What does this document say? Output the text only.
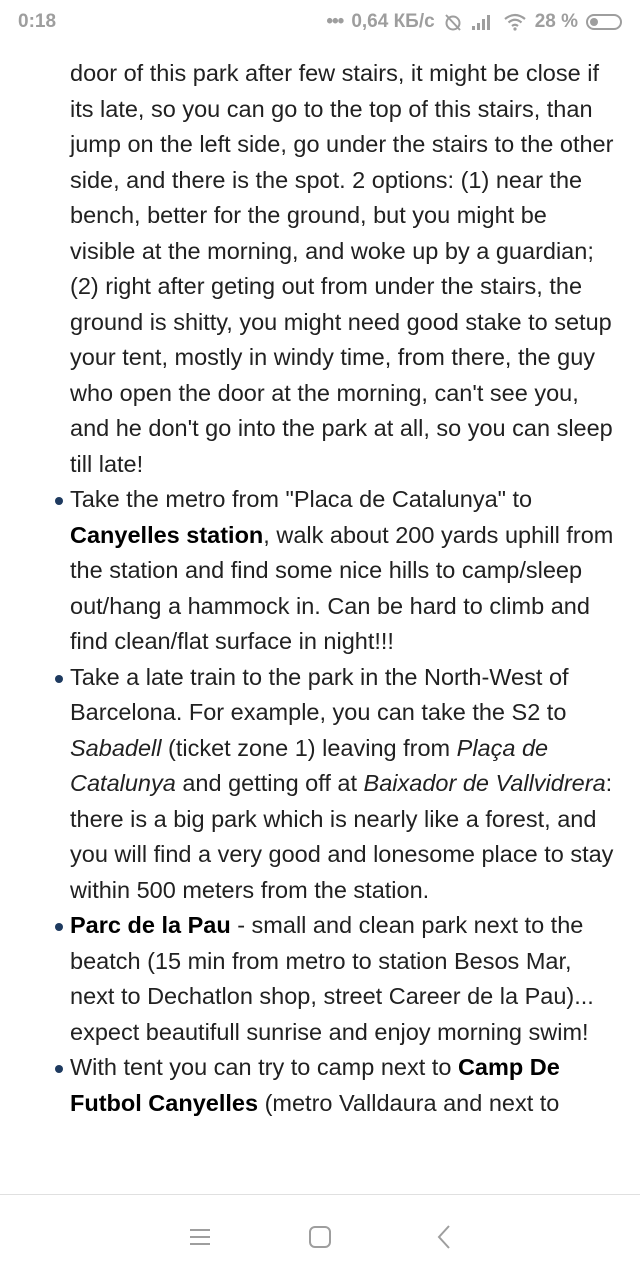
0:18	••• 0,64 КБ/с	28 %

door of this park after few stairs, it might be close if its late, so you can go to the top of this stairs, than jump on the left side, go under the stairs to the other side, and there is the spot. 2 options: (1) near the bench, better for the ground, but you might be visible at the morning, and woke up by a guardian; (2) right after geting out from under the stairs, the ground is shitty, you might need good stake to setup your tent, mostly in windy time, from there, the guy who open the door at the morning, can't see you, and he don't go into the park at all, so you can sleep till late!

Take the metro from "Placa de Catalunya" to Canyelles station, walk about 200 yards uphill from the station and find some nice hills to camp/sleep out/hang a hammock in. Can be hard to climb and find clean/flat surface in night!!!

Take a late train to the park in the North-West of Barcelona. For example, you can take the S2 to Sabadell (ticket zone 1) leaving from Plaça de Catalunya and getting off at Baixador de Vallvidrera: there is a big park which is nearly like a forest, and you will find a very good and lonesome place to stay within 500 meters from the station.

Parc de la Pau - small and clean park next to the beatch (15 min from metro to station Besos Mar, next to Dechatlon shop, street Career de la Pau)... expect beautifull sunrise and enjoy morning swim!

With tent you can try to camp next to Camp De Futbol Canyelles (metro Valldaura and next to
